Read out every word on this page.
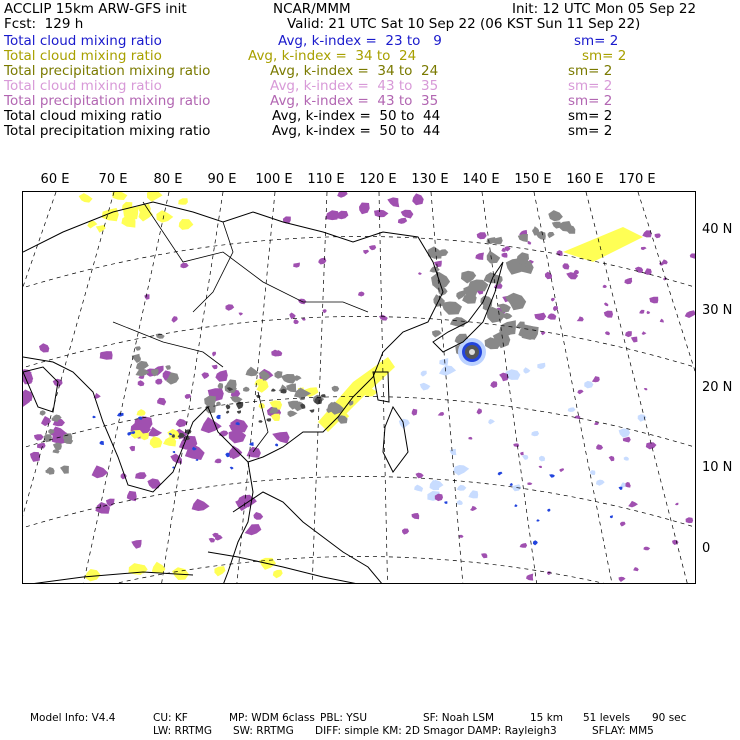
ACCLIP 15km ARW-GFS init	NCAR/MMM	Init: 12 UTC Mon 05 Sep 22
Fcst:  129 h	Valid: 21 UTC Sat 10 Sep 22 (06 KST Sun 11 Sep 22)
Total cloud mixing ratio	Avg, k-index =  23 to   9	sm= 2
Total cloud mixing ratio	Avg, k-index =  34 to  24	sm= 2
Total precipitation mixing ratio	Avg, k-index =  34 to  24	sm= 2
Total cloud mixing ratio	Avg, k-index =  43 to  35	sm= 2
Total precipitation mixing ratio	Avg, k-index =  43 to  35	sm= 2
Total cloud mixing ratio	Avg, k-index =  50 to  44	sm= 2
Total precipitation mixing ratio	Avg, k-index =  50 to  44	sm= 2
60 E 70 E 80 E 90 E 100 E 110 E 120 E 130 E 140 E 150 E 160 E 170 E
40 N
30 N
20 N
10 N
0
Model Info: V4.4	CU: KF	MP: WDM 6class PBL: YSU	SF: Noah LSM	15 km 51 levels 90 sec
LW: RRTMG SW: RRTMG DIFF: simple KM: 2D Smagor DAMP: Rayleigh3	SFLAY: MM5
